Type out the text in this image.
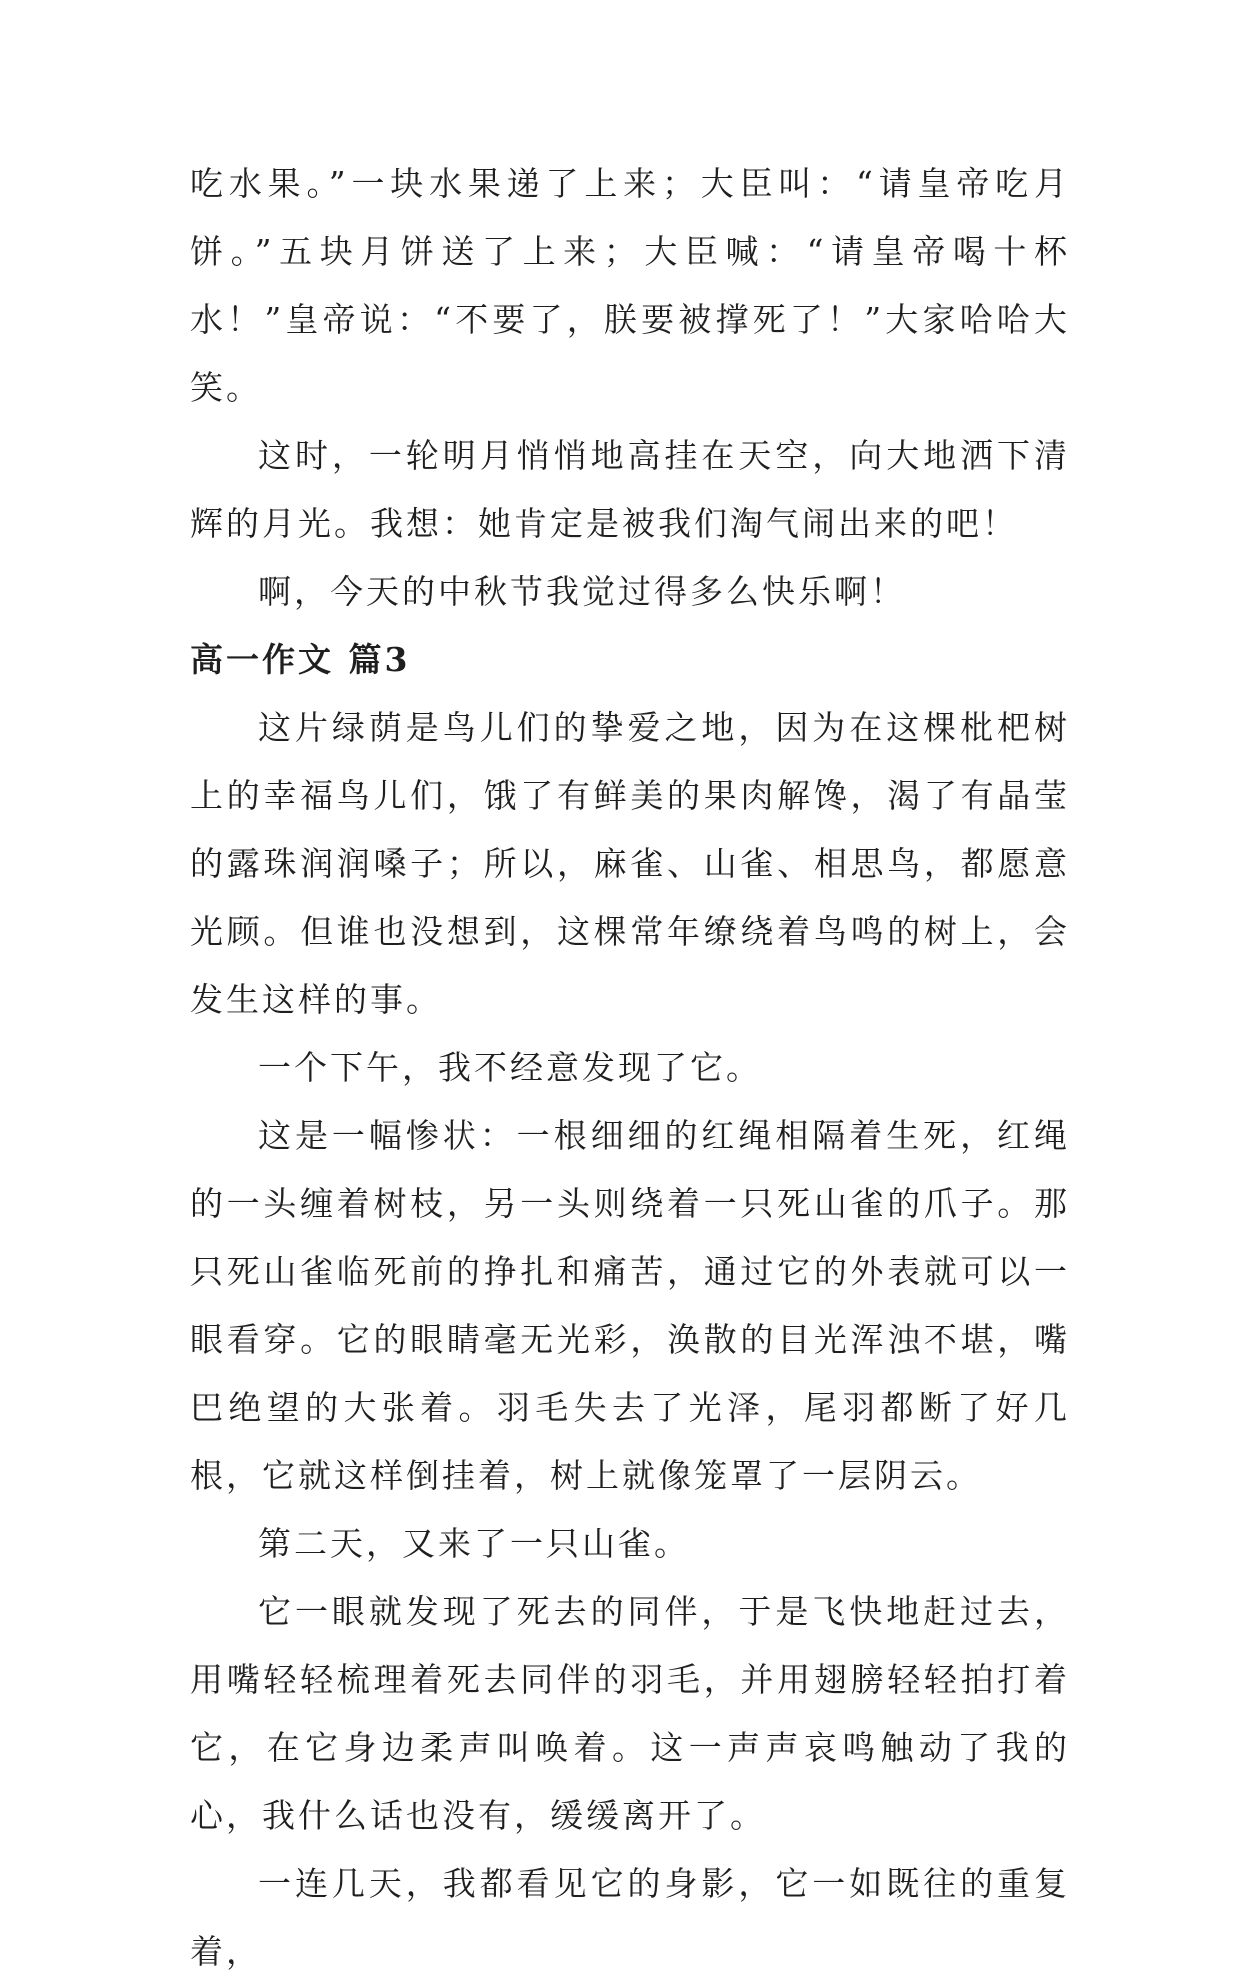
吃水果。”一块水果递了上来；大臣叫：“请皇帝吃月饼。”五块月饼送了上来；大臣喊：“请皇帝喝十杯水！”皇帝说：“不要了，朕要被撑死了！”大家哈哈大笑。

这时，一轮明月悄悄地高挂在天空，向大地洒下清辉的月光。我想：她肯定是被我们淘气闹出来的吧！

啊，今天的中秋节我觉过得多么快乐啊！

高一作文 篇3

这片绿荫是鸟儿们的挚爱之地，因为在这棵枇杷树上的幸福鸟儿们，饿了有鲜美的果肉解馋，渴了有晶莹的露珠润润嗓子；所以，麻雀、山雀、相思鸟，都愿意光顾。但谁也没想到，这棵常年缭绕着鸟鸣的树上，会发生这样的事。

一个下午，我不经意发现了它。

这是一幅惨状：一根细细的红绳相隔着生死，红绳的一头缠着树枝，另一头则绕着一只死山雀的爪子。那只死山雀临死前的挣扎和痛苦，通过它的外表就可以一眼看穿。它的眼睛毫无光彩，涣散的目光浑浊不堪，嘴巴绝望的大张着。羽毛失去了光泽，尾羽都断了好几根，它就这样倒挂着，树上就像笼罩了一层阴云。

第二天，又来了一只山雀。

它一眼就发现了死去的同伴，于是飞快地赶过去，用嘴轻轻梳理着死去同伴的羽毛，并用翅膀轻轻拍打着它，在它身边柔声叫唤着。这一声声哀鸣触动了我的心，我什么话也没有，缓缓离开了。

一连几天，我都看见它的身影，它一如既往的重复着，
